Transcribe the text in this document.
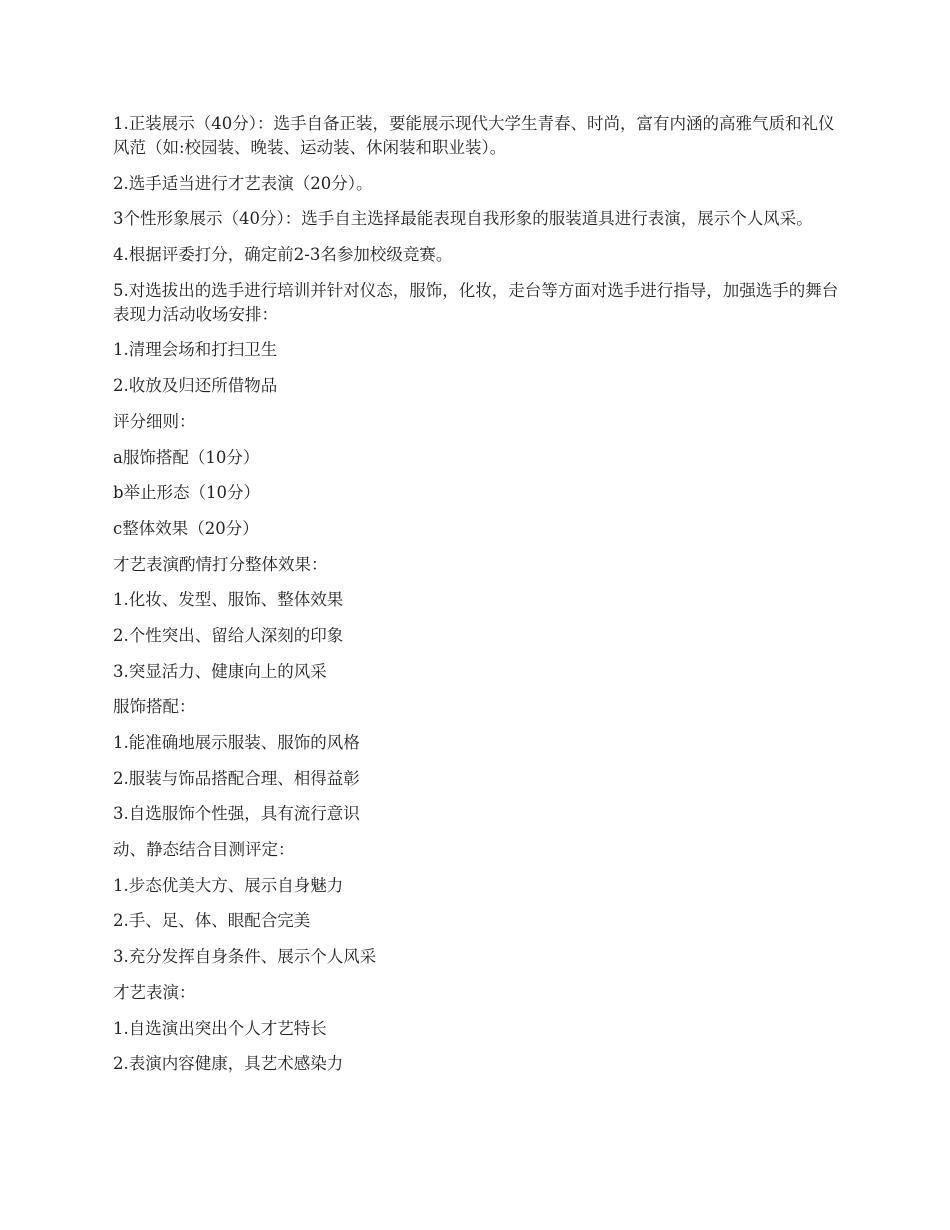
1.正装展示（40分）：选手自备正装，要能展示现代大学生青春、时尚，富有内涵的高雅气质和礼仪风范（如:校园装、晚装、运动装、休闲装和职业装）。

2.选手适当进行才艺表演（20分）。

3个性形象展示（40分）：选手自主选择最能表现自我形象的服装道具进行表演，展示个人风采。

4.根据评委打分，确定前2-3名参加校级竞赛。

5.对选拔出的选手进行培训并针对仪态，服饰，化妆，走台等方面对选手进行指导，加强选手的舞台表现力活动收场安排：

1.清理会场和打扫卫生

2.收放及归还所借物品

评分细则：

a服饰搭配（10分）

b举止形态（10分）

c整体效果（20分）

才艺表演酌情打分整体效果：

1.化妆、发型、服饰、整体效果

2.个性突出、留给人深刻的印象

3.突显活力、健康向上的风采

服饰搭配：

1.能准确地展示服装、服饰的风格

2.服装与饰品搭配合理、相得益彰

3.自选服饰个性强，具有流行意识

动、静态结合目测评定：

1.步态优美大方、展示自身魅力

2.手、足、体、眼配合完美

3.充分发挥自身条件、展示个人风采

才艺表演：

1.自选演出突出个人才艺特长

2.表演内容健康，具艺术感染力
